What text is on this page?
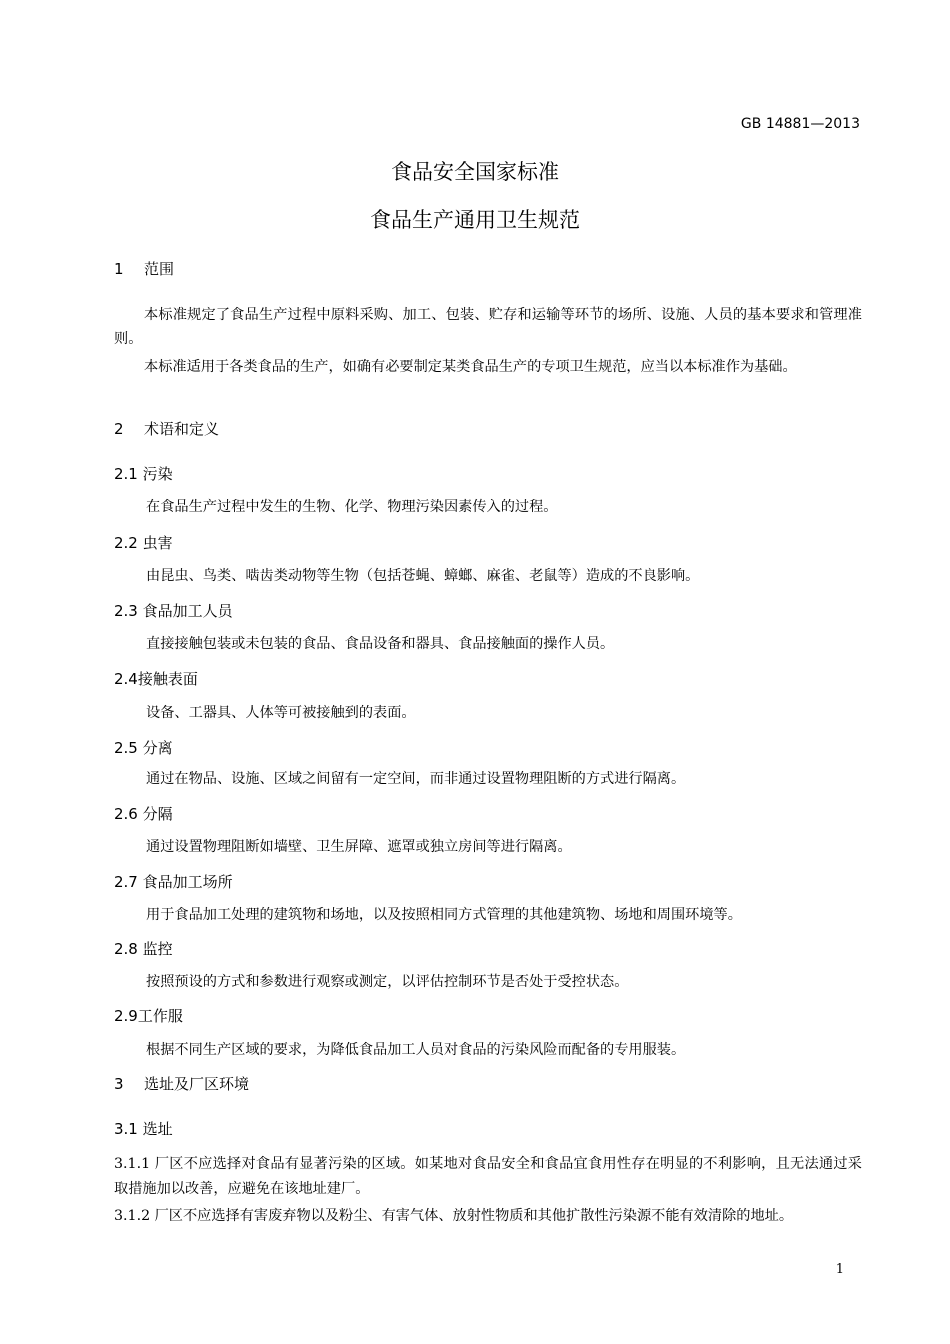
GB 14881—2013
食品安全国家标准
食品生产通用卫生规范
1 范围
本标准规定了食品生产过程中原料采购、加工、包装、贮存和运输等环节的场所、设施、人员的基本要求和管理准则。
本标准适用于各类食品的生产，如确有必要制定某类食品生产的专项卫生规范，应当以本标准作为基础。
2 术语和定义
2.1 污染
在食品生产过程中发生的生物、化学、物理污染因素传入的过程。
2.2 虫害
由昆虫、鸟类、啮齿类动物等生物（包括苍蝇、蟑螂、麻雀、老鼠等）造成的不良影响。
2.3 食品加工人员
直接接触包装或未包装的食品、食品设备和器具、食品接触面的操作人员。
2.4接触表面
设备、工器具、人体等可被接触到的表面。
2.5 分离
通过在物品、设施、区域之间留有一定空间，而非通过设置物理阻断的方式进行隔离。
2.6 分隔
通过设置物理阻断如墙壁、卫生屏障、遮罩或独立房间等进行隔离。
2.7 食品加工场所
用于食品加工处理的建筑物和场地，以及按照相同方式管理的其他建筑物、场地和周围环境等。
2.8 监控
按照预设的方式和参数进行观察或测定，以评估控制环节是否处于受控状态。
2.9工作服
根据不同生产区域的要求，为降低食品加工人员对食品的污染风险而配备的专用服装。
3 选址及厂区环境
3.1 选址
3.1.1 厂区不应选择对食品有显著污染的区域。如某地对食品安全和食品宜食用性存在明显的不利影响，且无法通过采取措施加以改善，应避免在该地址建厂。
3.1.2 厂区不应选择有害废弃物以及粉尘、有害气体、放射性物质和其他扩散性污染源不能有效清除的地址。
1
